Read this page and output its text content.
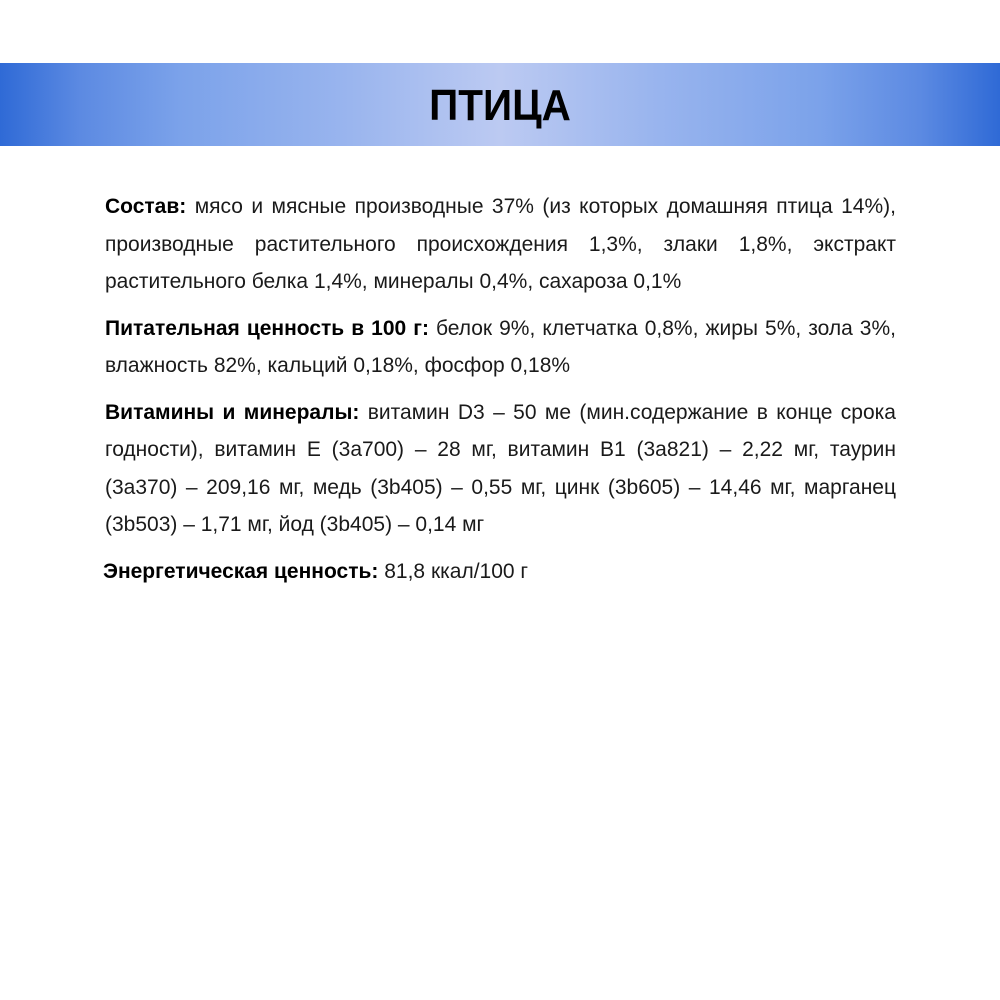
ПТИЦА

Состав: мясо и мясные производные 37% (из которых домашняя птица 14%), производные растительного происхождения 1,3%, злаки 1,8%, экстракт растительного белка 1,4%, минералы 0,4%, сахароза 0,1%

Питательная ценность в 100 г: белок 9%, клетчатка 0,8%, жиры 5%, зола 3%, влажность 82%, кальций 0,18%, фосфор 0,18%

Витамины и минералы: витамин D3 – 50 ме (мин.содержание в конце срока годности), витамин E (3a700) – 28 мг, витамин B1 (3a821) – 2,22 мг, таурин (3a370) – 209,16 мг, медь (3b405) – 0,55 мг, цинк (3b605) – 14,46 мг, марганец (3b503) – 1,71 мг, йод (3b405) – 0,14 мг

Энергетическая ценность: 81,8 ккал/100 г
